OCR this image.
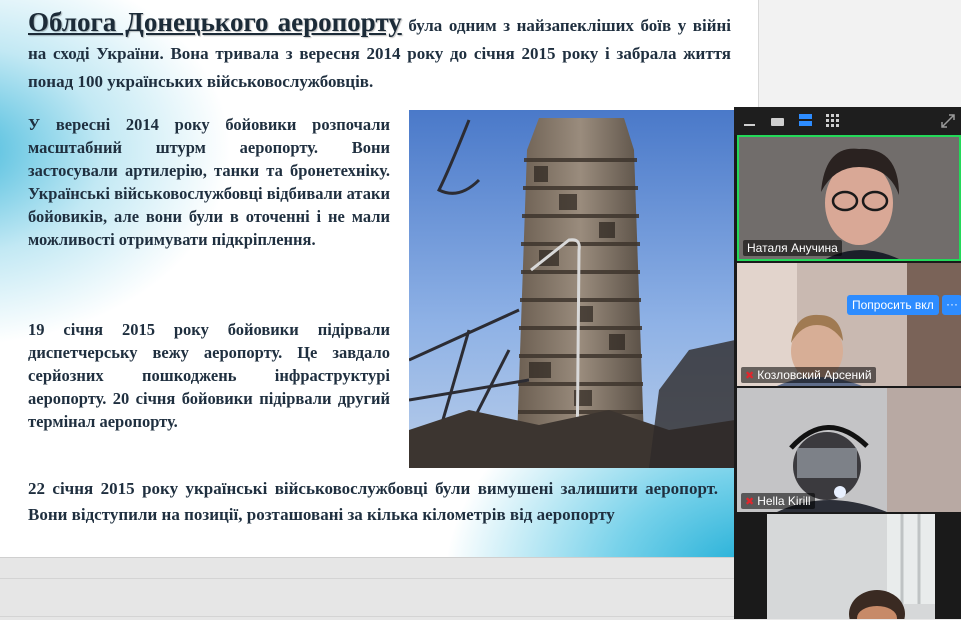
Облога Донецького аеропорту була одним з найзапекліших боїв у війні на сході України. Вона тривала з вересня 2014 року до січня 2015 року і забрала життя понад 100 українських військовослужбовців.

У вересні 2014 року бойовики розпочали масштабний штурм аеропорту. Вони застосували артилерію, танки та бронетехніку. Українські військовослужбовці відбивали атаки бойовиків, але вони були в оточенні і не мали можливості отримувати підкріплення.

19 січня 2015 року бойовики підірвали диспетчерську вежу аеропорту. Це завдало серйозних пошкоджень інфраструктурі аеропорту. 20 січня бойовики підірвали другий термінал аеропорту.

22 січня 2015 року українські військовослужбовці були вимушені залишити аеропорт. Вони відступили на позиції, розташовані за кілька кілометрів від аеропорту

Наталя Анучина
Попросить вкл	···
✖ Козловский Арсений
✖ Hella Kirill
